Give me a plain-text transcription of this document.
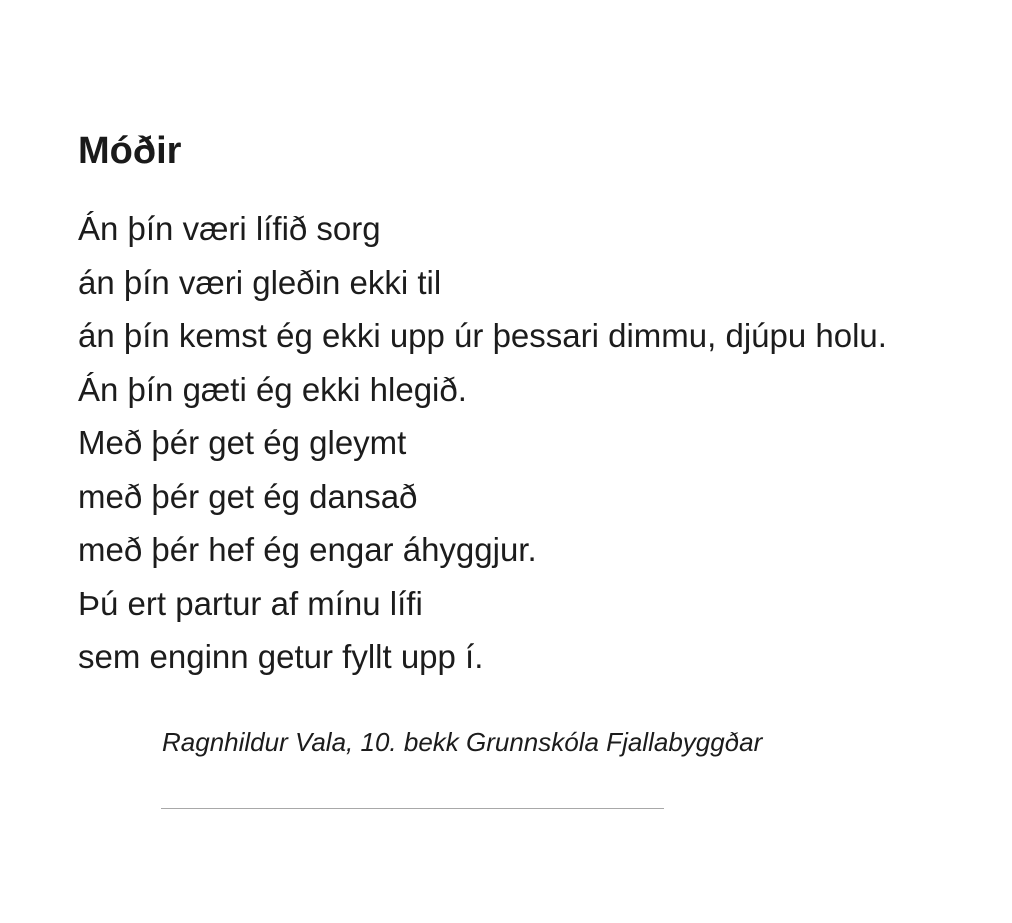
Móðir
Án þín væri lífið sorg
án þín væri gleðin ekki til
án þín kemst ég ekki upp úr þessari dimmu, djúpu holu.
Án þín gæti ég ekki hlegið.
Með þér get ég gleymt
með þér get ég dansað
með þér hef ég engar áhyggjur.
Þú ert partur af mínu lífi
sem enginn getur fyllt upp í.

Ragnhildur Vala, 10. bekk Grunnskóla Fjallabyggðar
